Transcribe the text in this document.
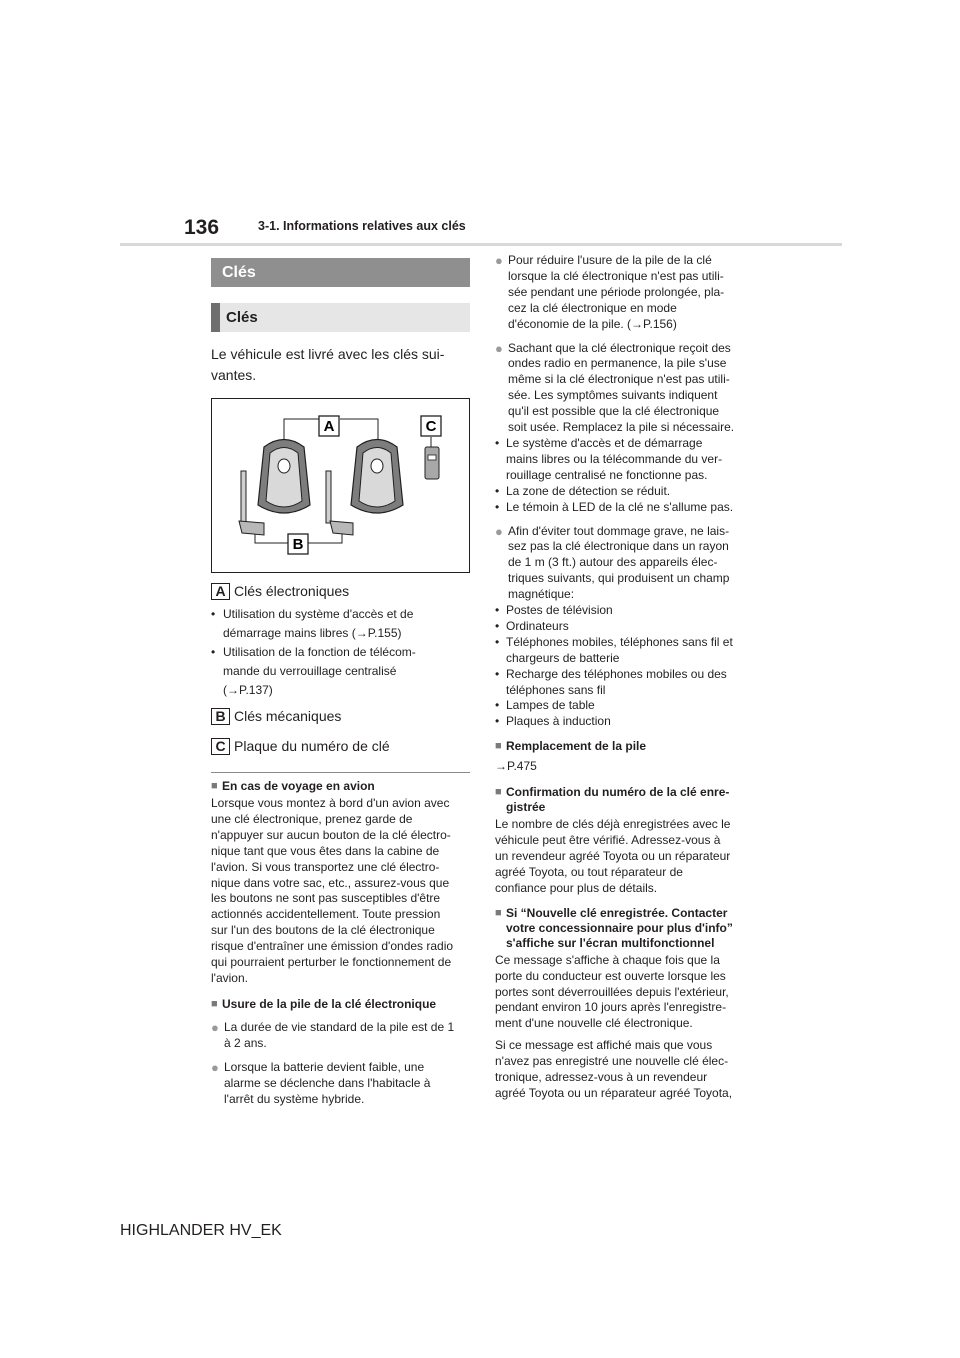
136	3-1. Informations relatives aux clés
Clés
Clés
Le véhicule est livré avec les clés sui-
vantes.
A	C
B
A Clés électroniques
• Utilisation du système d'accès et de
démarrage mains libres (→P.155)
• Utilisation de la fonction de télécom-
mande du verrouillage centralisé
(→P.137)
B Clés mécaniques
C Plaque du numéro de clé
■ En cas de voyage en avion
Lorsque vous montez à bord d'un avion avec
une clé électronique, prenez garde de
n'appuyer sur aucun bouton de la clé électro-
nique tant que vous êtes dans la cabine de
l'avion. Si vous transportez une clé électro-
nique dans votre sac, etc., assurez-vous que
les boutons ne sont pas susceptibles d'être
actionnés accidentellement. Toute pression
sur l'un des boutons de la clé électronique
risque d'entraîner une émission d'ondes radio
qui pourraient perturber le fonctionnement de
l'avion.
■ Usure de la pile de la clé électronique
● La durée de vie standard de la pile est de 1
à 2 ans.
● Lorsque la batterie devient faible, une
alarme se déclenche dans l'habitacle à
l'arrêt du système hybride.
● Pour réduire l'usure de la pile de la clé
lorsque la clé électronique n'est pas utili-
sée pendant une période prolongée, pla-
cez la clé électronique en mode
d'économie de la pile. (→P.156)
● Sachant que la clé électronique reçoit des
ondes radio en permanence, la pile s'use
même si la clé électronique n'est pas utili-
sée. Les symptômes suivants indiquent
qu'il est possible que la clé électronique
soit usée. Remplacez la pile si nécessaire.
• Le système d'accès et de démarrage
mains libres ou la télécommande du ver-
rouillage centralisé ne fonctionne pas.
• La zone de détection se réduit.
• Le témoin à LED de la clé ne s'allume pas.
● Afin d'éviter tout dommage grave, ne lais-
sez pas la clé électronique dans un rayon
de 1 m (3 ft.) autour des appareils élec-
triques suivants, qui produisent un champ
magnétique:
• Postes de télévision
• Ordinateurs
• Téléphones mobiles, téléphones sans fil et
chargeurs de batterie
• Recharge des téléphones mobiles ou des
téléphones sans fil
• Lampes de table
• Plaques à induction
■ Remplacement de la pile
→P.475
■ Confirmation du numéro de la clé enre-
gistrée
Le nombre de clés déjà enregistrées avec le
véhicule peut être vérifié. Adressez-vous à
un revendeur agréé Toyota ou un réparateur
agréé Toyota, ou tout réparateur de
confiance pour plus de détails.
■ Si “Nouvelle clé enregistrée. Contacter
votre concessionnaire pour plus d'info”
s'affiche sur l'écran multifonctionnel
Ce message s'affiche à chaque fois que la
porte du conducteur est ouverte lorsque les
portes sont déverrouillées depuis l'extérieur,
pendant environ 10 jours après l'enregistre-
ment d'une nouvelle clé électronique.
Si ce message est affiché mais que vous
n'avez pas enregistré une nouvelle clé élec-
tronique, adressez-vous à un revendeur
agréé Toyota ou un réparateur agréé Toyota,
HIGHLANDER HV_EK
